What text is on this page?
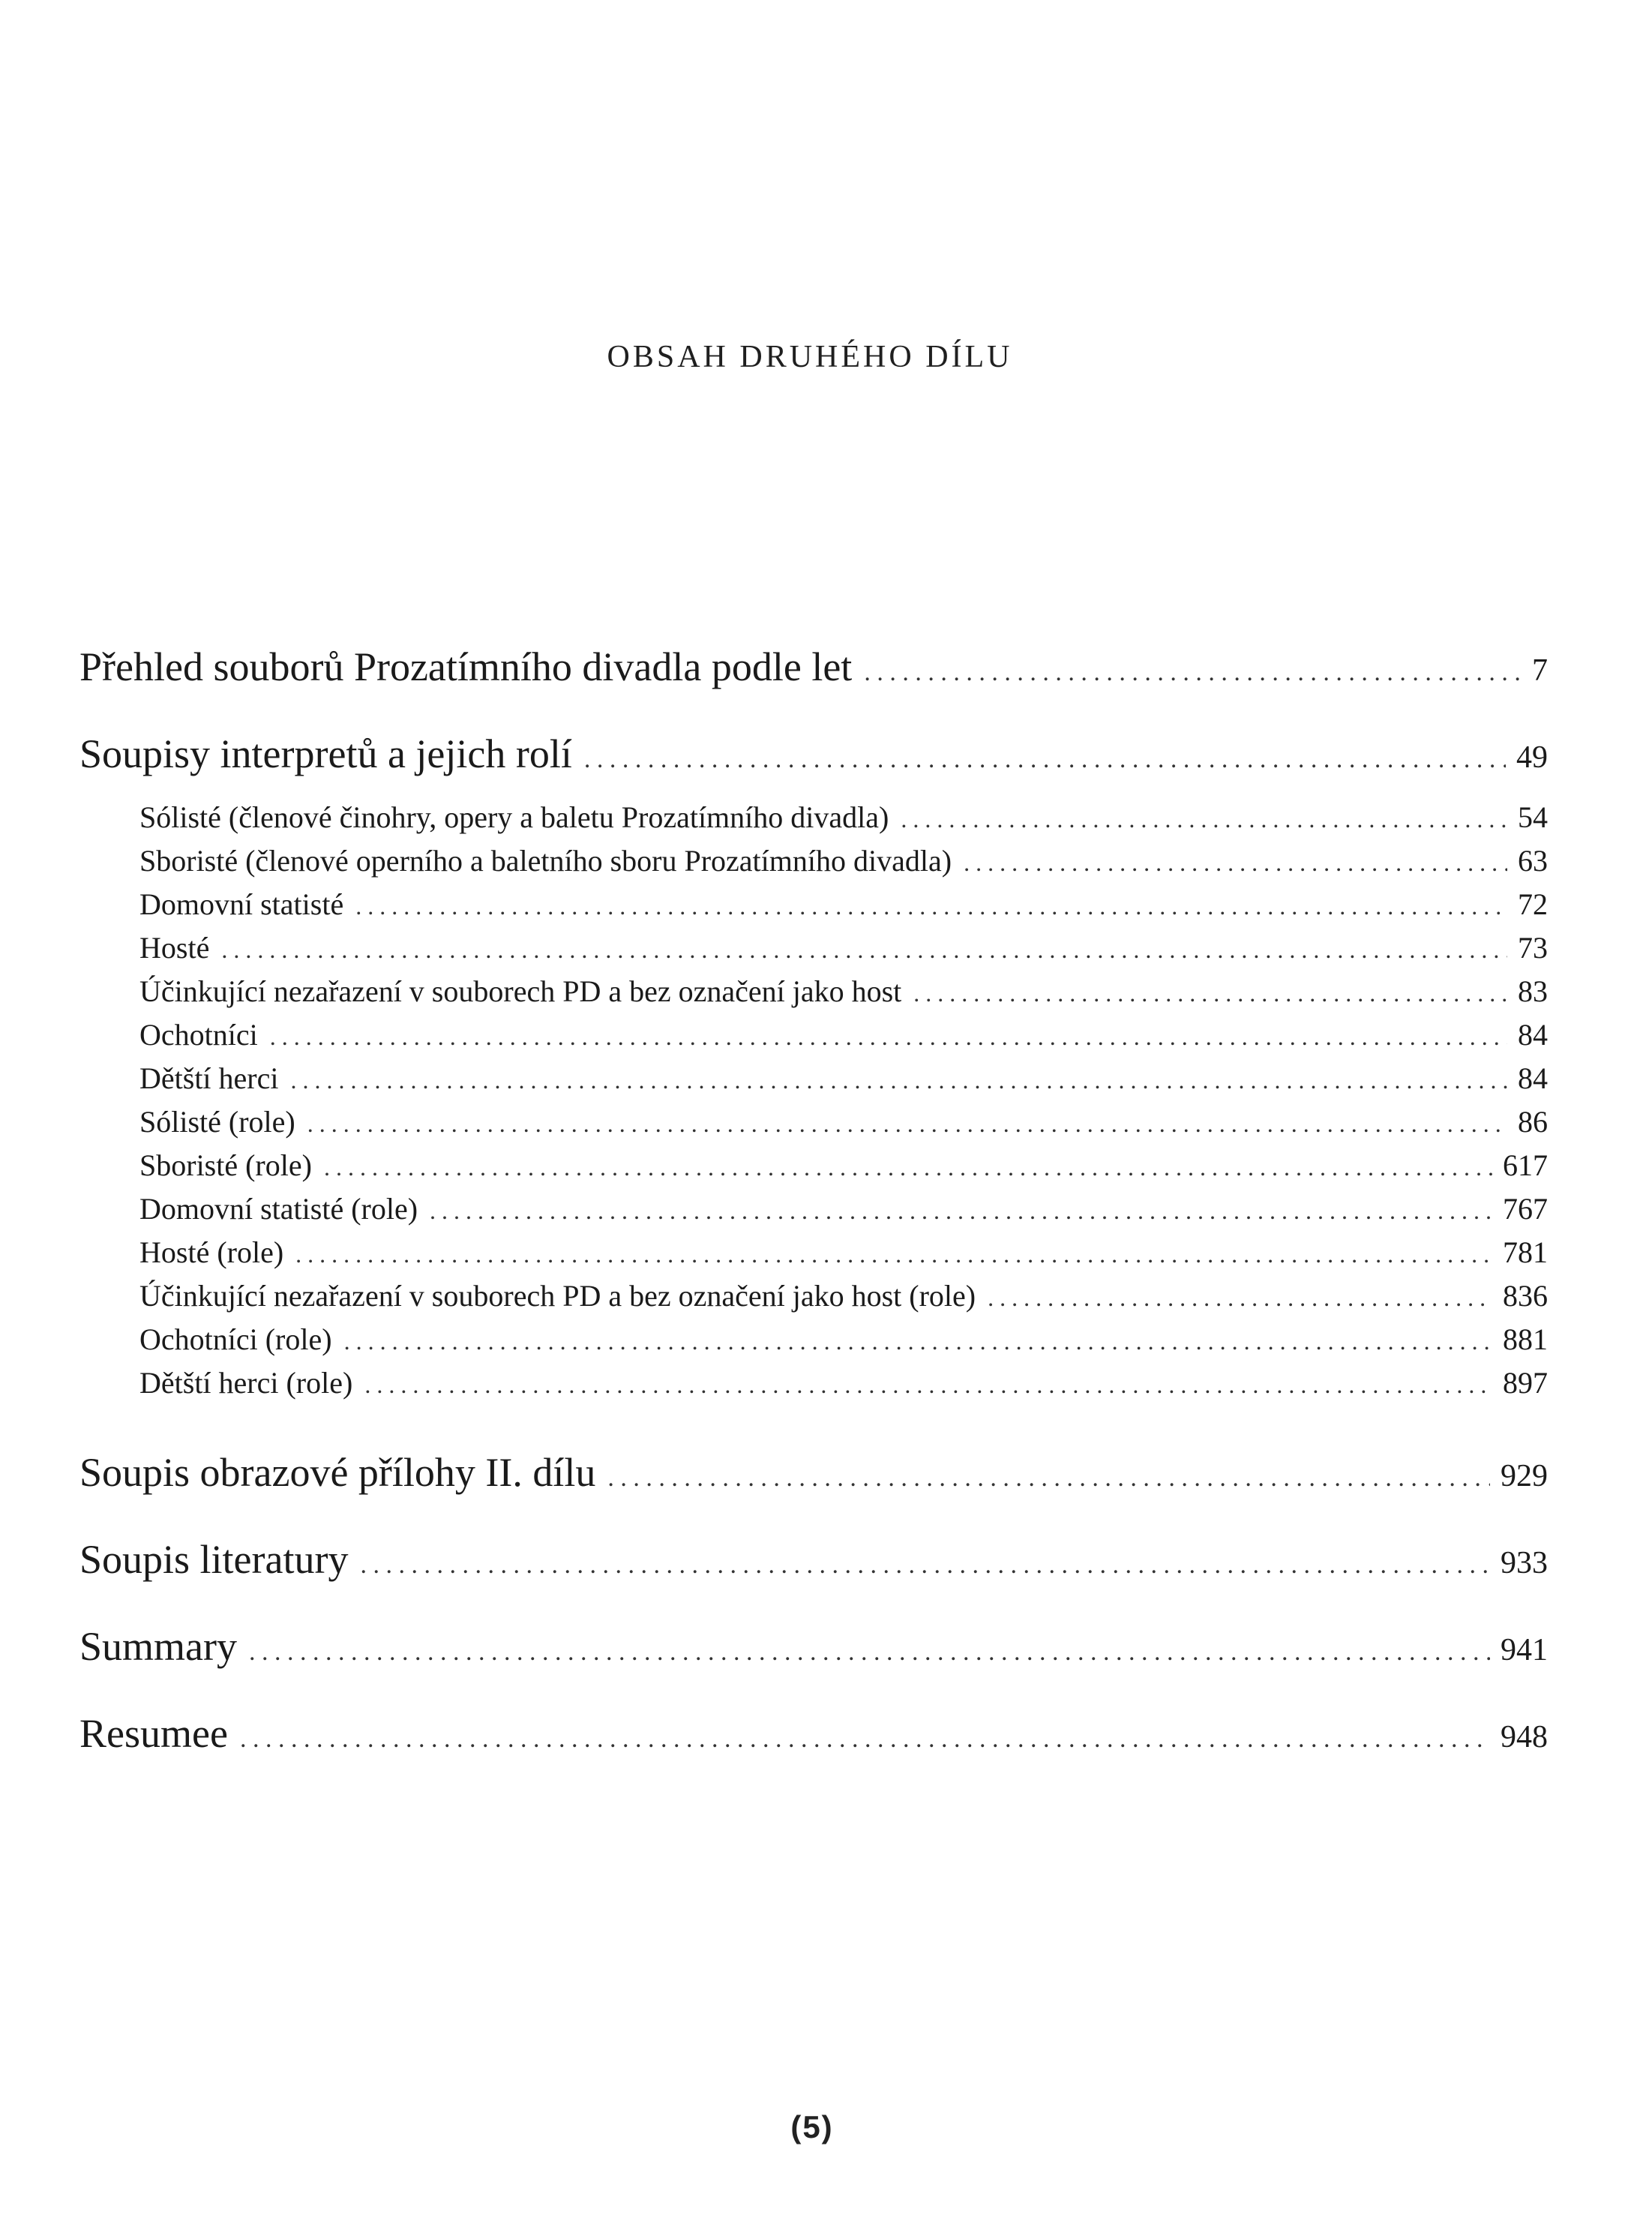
OBSAH DRUHÉHO DÍLU
Přehled souborů Prozatímního divadla podle let . . .	7
Soupisy interpretů a jejich rolí . . .	49
Sólisté (členové činohry, opery a baletu Prozatímního divadla) . . .	54
Sboristé (členové operního a baletního sboru Prozatímního divadla) . . .	63
Domovní statisté . . .	72
Hosté . . .	73
Účinkující nezařazení v souborech PD a bez označení jako host . . .	83
Ochotníci . . .	84
Dětští herci . . .	84
Sólisté (role) . . .	86
Sboristé (role) . . .	617
Domovní statisté (role) . . .	767
Hosté (role) . . .	781
Účinkující nezařazení v souborech PD a bez označení jako host (role) . . .	836
Ochotníci (role) . . .	881
Dětští herci (role) . . .	897
Soupis obrazové přílohy II. dílu . . .	929
Soupis literatury . . .	933
Summary . . .	941
Resumee . . .	948
(5)
